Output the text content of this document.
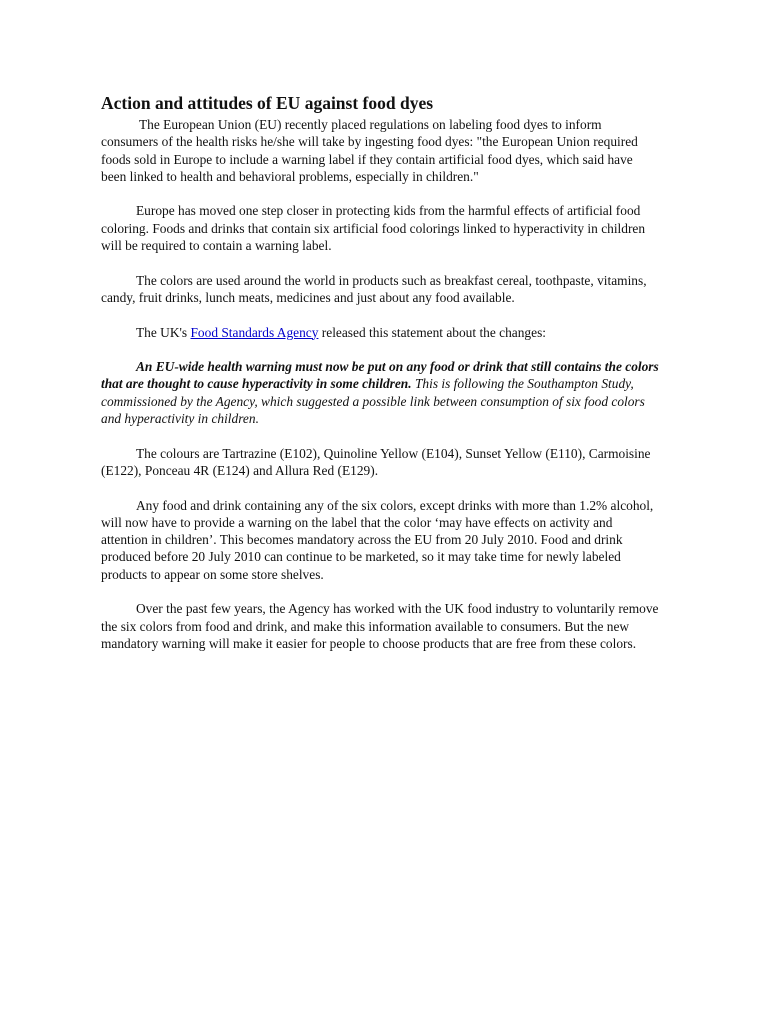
Action and attitudes of EU against food dyes

The European Union (EU) recently placed regulations on labeling food dyes to inform consumers of the health risks he/she will take by ingesting food dyes: "the European Union required foods sold in Europe to include a warning label if they contain artificial food dyes, which said have been linked to health and behavioral problems, especially in children."

Europe has moved one step closer in protecting kids from the harmful effects of artificial food coloring. Foods and drinks that contain six artificial food colorings linked to hyperactivity in children will be required to contain a warning label.

The colors are used around the world in products such as breakfast cereal, toothpaste, vitamins, candy, fruit drinks, lunch meats, medicines and just about any food available.

The UK's Food Standards Agency released this statement about the changes:

An EU-wide health warning must now be put on any food or drink that still contains the colors that are thought to cause hyperactivity in some children. This is following the Southampton Study, commissioned by the Agency, which suggested a possible link between consumption of six food colors and hyperactivity in children.

The colours are Tartrazine (E102), Quinoline Yellow (E104), Sunset Yellow (E110), Carmoisine (E122), Ponceau 4R (E124) and Allura Red (E129).

Any food and drink containing any of the six colors, except drinks with more than 1.2% alcohol, will now have to provide a warning on the label that the color ‘may have effects on activity and attention in children’. This becomes mandatory across the EU from 20 July 2010. Food and drink produced before 20 July 2010 can continue to be marketed, so it may take time for newly labeled products to appear on some store shelves.

Over the past few years, the Agency has worked with the UK food industry to voluntarily remove the six colors from food and drink, and make this information available to consumers. But the new mandatory warning will make it easier for people to choose products that are free from these colors.
